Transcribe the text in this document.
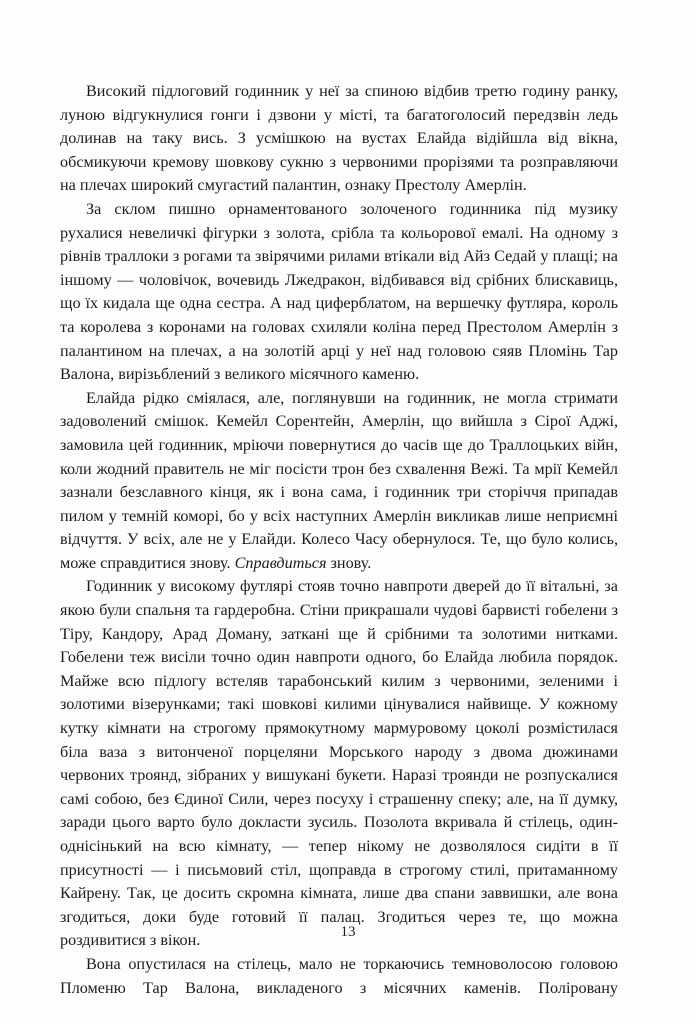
Високий підлоговий годинник у неї за спиною відбив третю годину ранку, луною відгукнулися гонги і дзвони у місті, та багатоголосий передзвін ледь долинав на таку вись. З усмішкою на вустах Елайда відійшла від вікна, обсмикуючи кремову шовкову сукню з червоними прорізями та розправляючи на плечах широкий смугастий палантин, ознаку Престолу Амерлін.

За склом пишно орнаментованого золоченого годинника під музику рухалися невеличкі фігурки з золота, срібла та кольорової емалі. На одному з рівнів траллоки з рогами та звірячими рилами втікали від Айз Седай у плащі; на іншому — чоловічок, вочевидь Лжедракон, відбивався від срібних блискавиць, що їх кидала ще одна сестра. А над циферблатом, на вершечку футляра, король та королева з коронами на головах схиляли коліна перед Престолом Амерлін з палантином на плечах, а на золотій арці у неї над головою сяяв Пломінь Тар Валона, вирізьблений з великого місячного каменю.

Елайда рідко сміялася, але, поглянувши на годинник, не могла стримати задоволений смішок. Кемейл Сорентейн, Амерлін, що вийшла з Сірої Аджі, замовила цей годинник, мріючи повернутися до часів ще до Траллоцьких війн, коли жодний правитель не міг посісти трон без схвалення Вежі. Та мрії Кемейл зазнали безславного кінця, як і вона сама, і годинник три сторіччя припадав пилом у темній коморі, бо у всіх наступних Амерлін викликав лише неприємні відчуття. У всіх, але не у Елайди. Колесо Часу обернулося. Те, що було колись, може справдитися знову. Справдиться знову.

Годинник у високому футлярі стояв точно навпроти дверей до її вітальні, за якою були спальня та гардеробна. Стіни прикрашали чудові барвисті гобелени з Тіру, Кандору, Арад Доману, затканi ще й срібними та золотими нитками. Гобелени теж висіли точно один навпроти одного, бо Елайда любила порядок. Майже всю підлогу встеляв тарабонський килим з червоними, зеленими і золотими візерунками; такі шовкові килими цінувалися найвище. У кожному кутку кімнати на строгому прямокутному мармуровому цоколі розмістилася біла ваза з витонченої порцеляни Морського народу з двома дюжинами червоних троянд, зібраних у вишукані букети. Наразі троянди не розпускалися самі собою, без Єдиної Сили, через посуху і страшенну спеку; але, на її думку, заради цього варто було докласти зусиль. Позолота вкривала й стілець, один-однісінький на всю кімнату, — тепер нікому не дозволялося сидіти в її присутності — і письмовий стіл, щоправда в строгому стилі, притаманному Кайрену. Так, це досить скромна кімната, лише два спани заввишки, але вона згодиться, доки буде готовий її палац. Згодиться через те, що можна роздивитися з вікон.

Вона опустилася на стілець, мало не торкаючись темноволосою головою Пломеню Тар Валона, викладеного з місячних каменів. Поліровану

13
